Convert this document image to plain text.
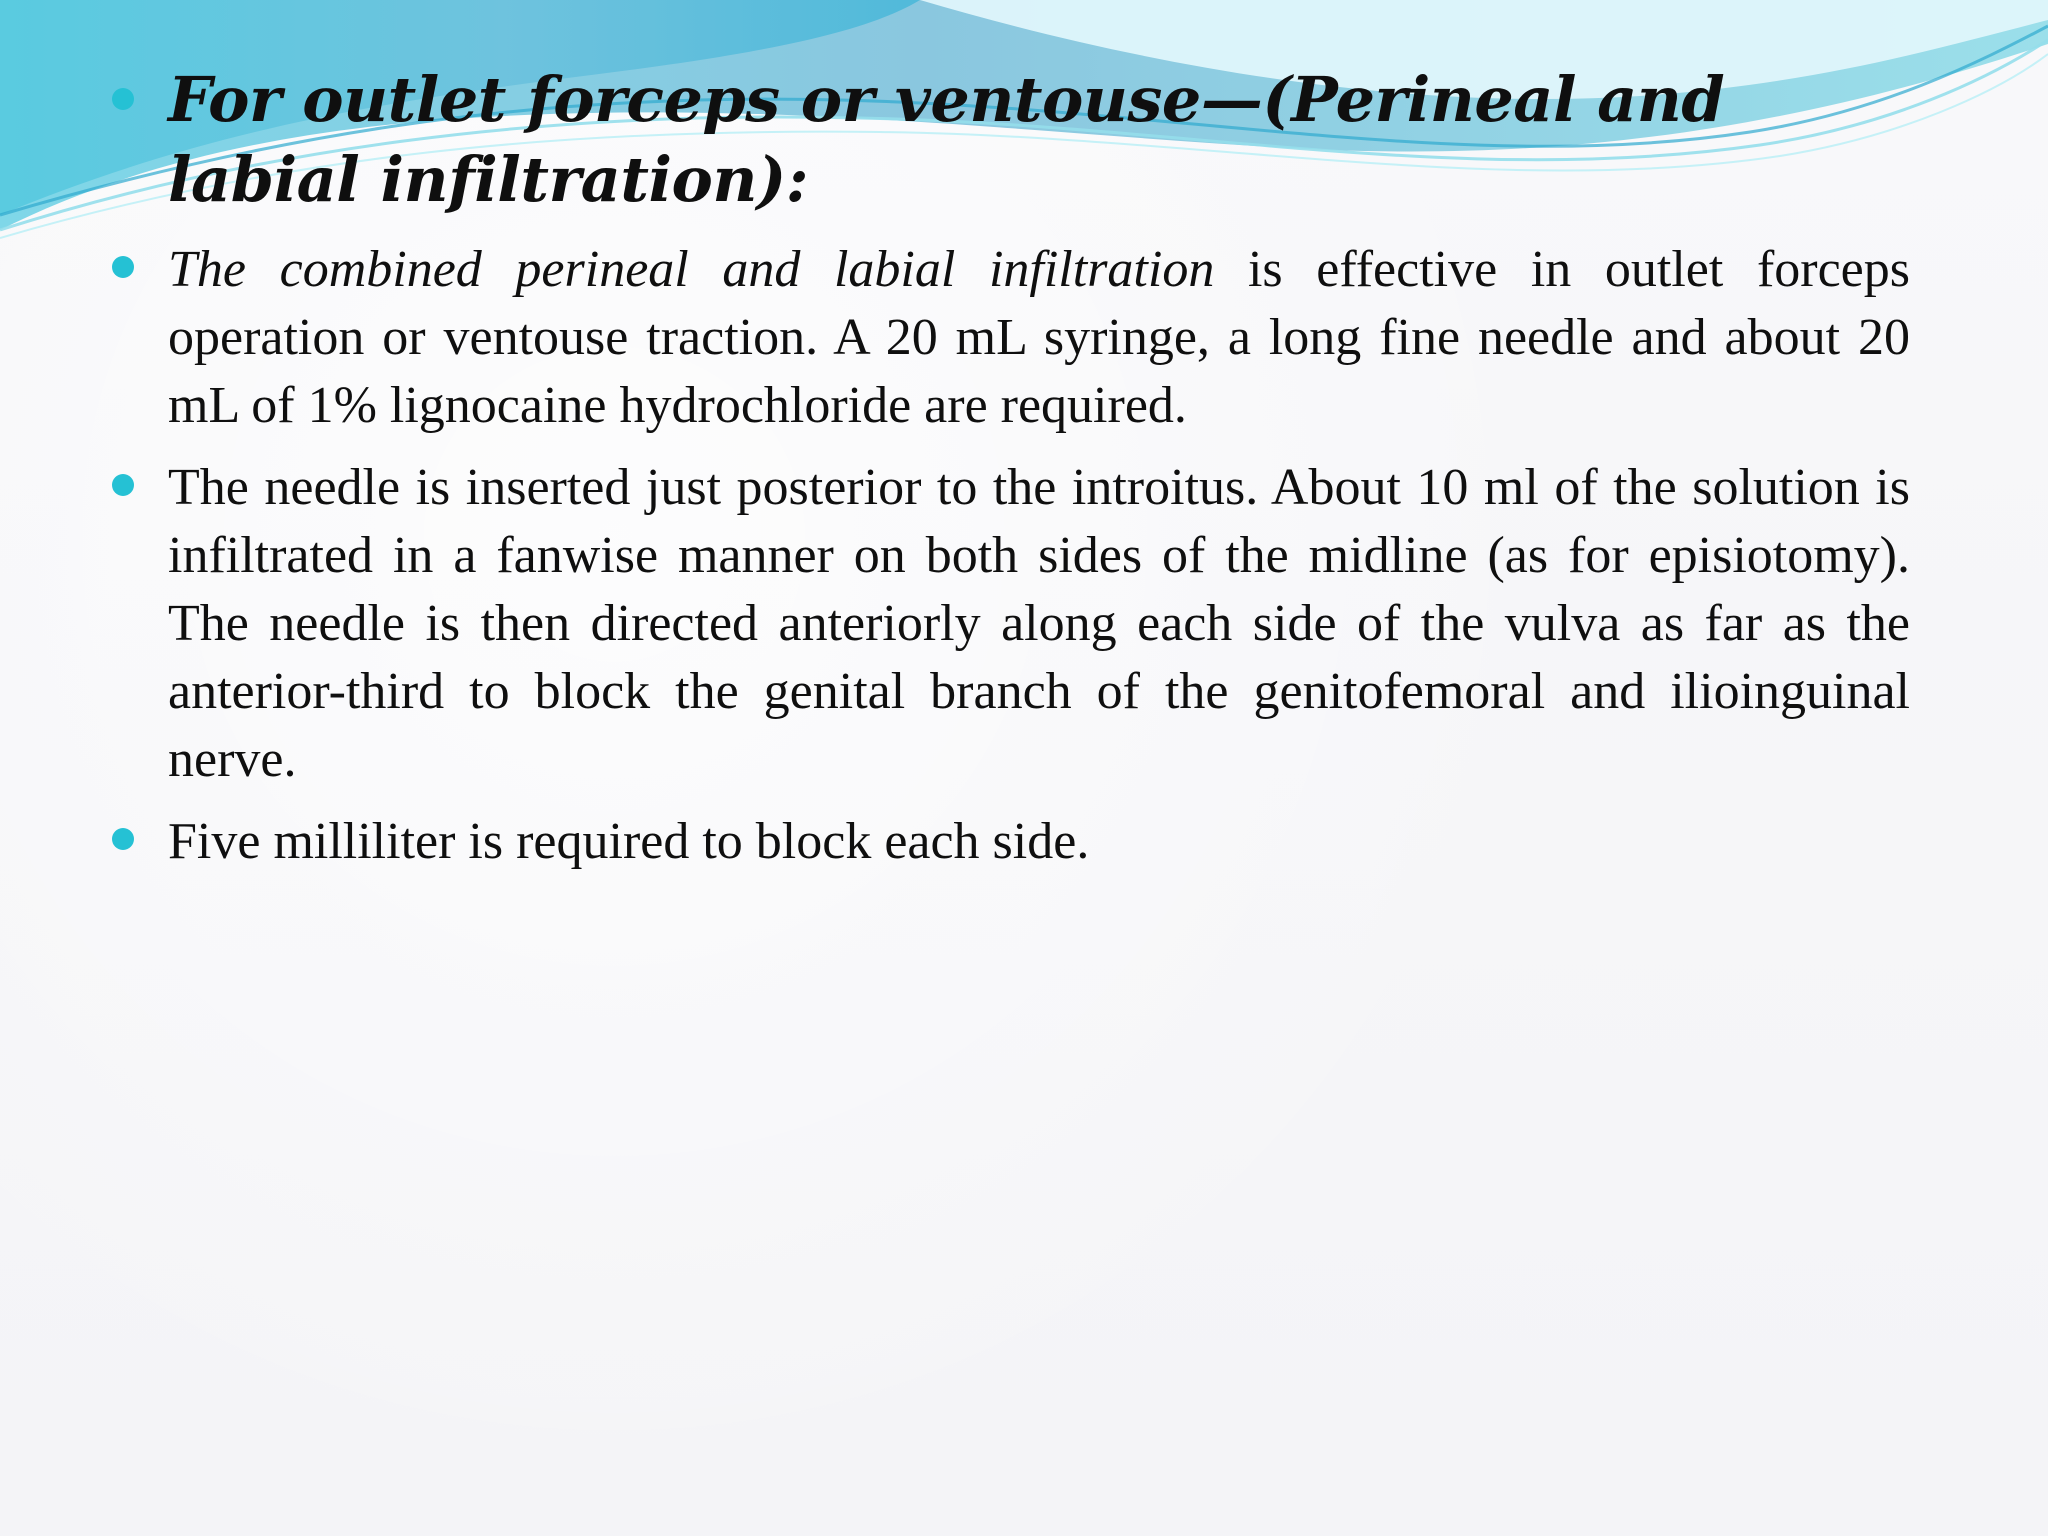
For outlet forceps or ventouse—(Perineal and labial infiltration):
The combined perineal and labial infiltration is effective in outlet forceps operation or ventouse traction. A 20 mL syringe, a long fine needle and about 20 mL of 1% lignocaine hydrochloride are required.
The needle is inserted just posterior to the introitus. About 10 ml of the solution is infiltrated in a fanwise manner on both sides of the midline (as for episiotomy). The needle is then directed anteriorly along each side of the vulva as far as the anterior-third to block the genital branch of the genitofemoral and ilioinguinal nerve.
Five milliliter is required to block each side.
